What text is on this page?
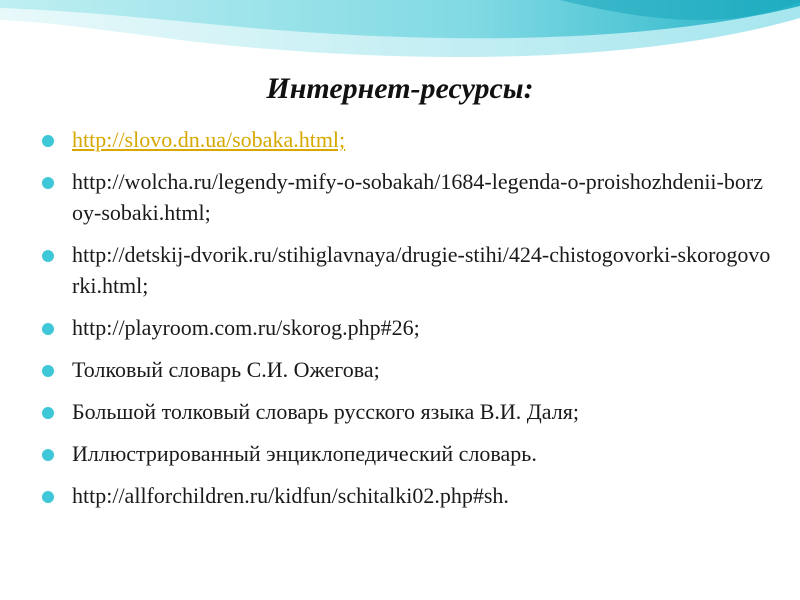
Интернет-ресурсы:
http://slovo.dn.ua/sobaka.html;
http://wolcha.ru/legendy-mify-o-sobakah/1684-legenda-o-proishozhdenii-borzoy-sobaki.html;
http://detskij-dvorik.ru/stihiglavnaya/drugie-stihi/424-chistogovorki-skorogovorki.html;
http://playroom.com.ru/skorog.php#26;
Толковый словарь С.И. Ожегова;
Большой толковый словарь русского языка В.И. Даля;
Иллюстрированный энциклопедический словарь.
http://allforchildren.ru/kidfun/schitalki02.php#sh.
